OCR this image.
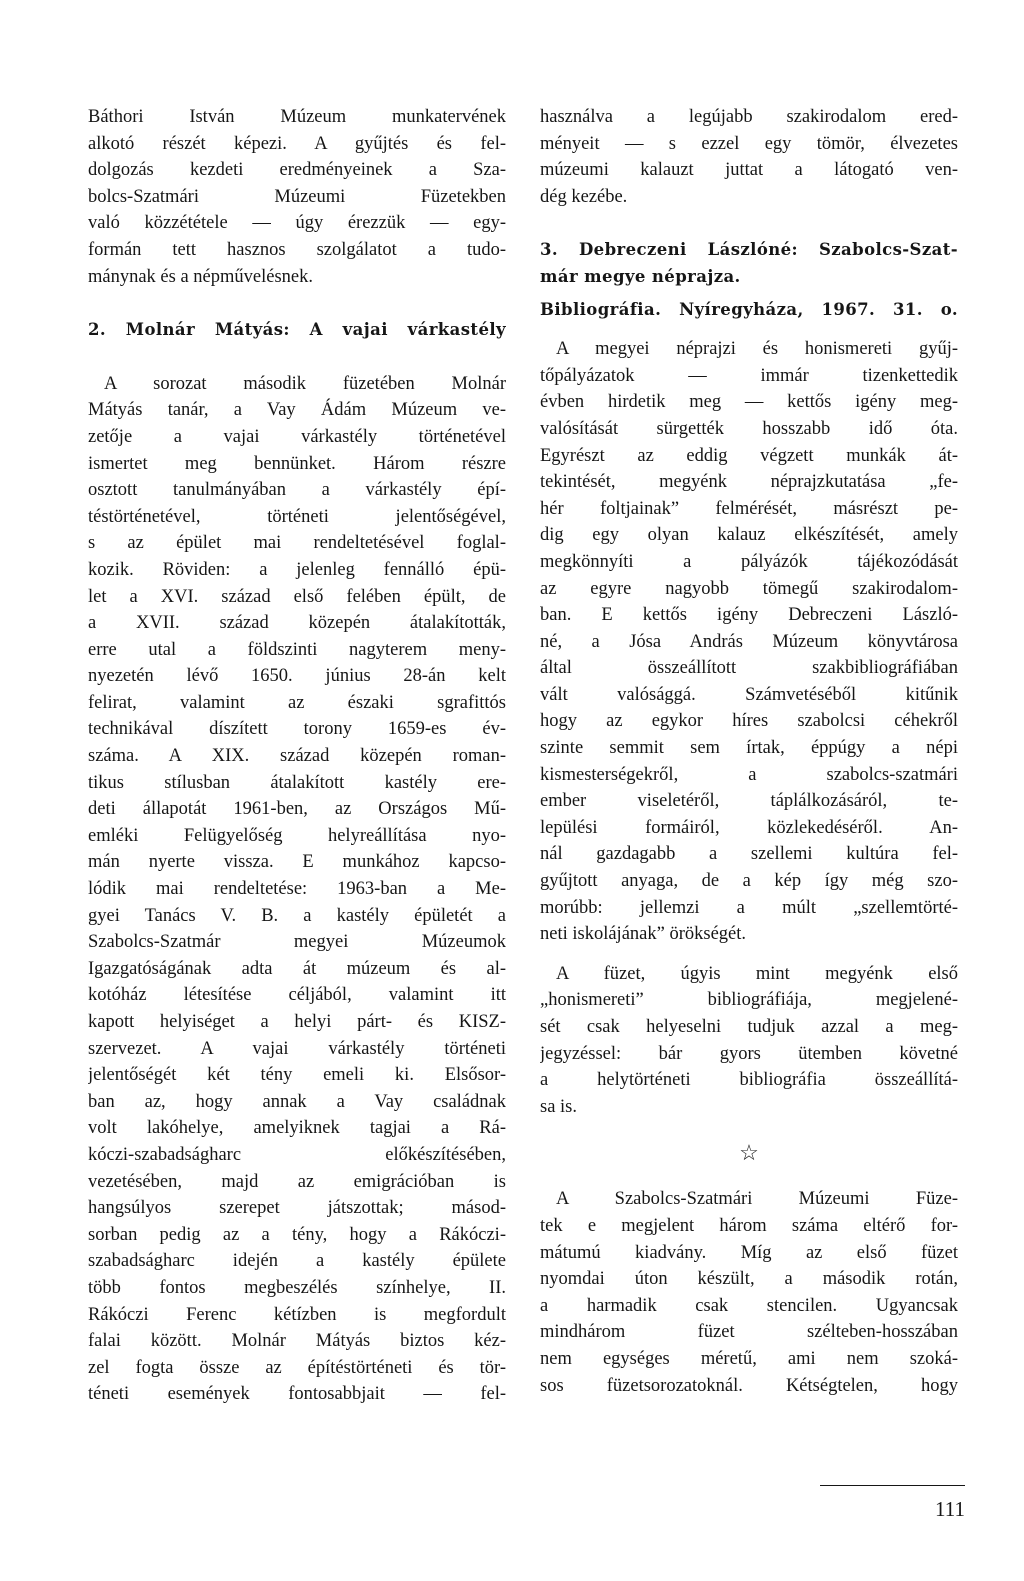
Báthori István Múzeum munkatervének
alkotó részét képezi. A gyűjtés és fel-
dolgozás kezdeti eredményeinek a Sza-
bolcs-Szatmári Múzeumi Füzetekben
való közzététele — úgy érezzük — egy-
formán tett hasznos szolgálatot a tudo-
mánynak és a népművelésnek.
2. Molnár Mátyás: A vajai várkastély
A sorozat második füzetében Molnár
Mátyás tanár, a Vay Ádám Múzeum ve-
zetője a vajai várkastély történetével
ismertet meg bennünket. Három részre
osztott tanulmányában a várkastély épí-
téstörténetével, történeti jelentőségével,
s az épület mai rendeltetésével foglal-
kozik. Röviden: a jelenleg fennálló épü-
let a XVI. század első felében épült, de
a XVII. század közepén átalakították,
erre utal a földszinti nagyterem meny-
nyezetén lévő 1650. június 28-án kelt
felirat, valamint az északi sgrafittós
technikával díszített torony 1659-es év-
száma. A XIX. század közepén roman-
tikus stílusban átalakított kastély ere-
deti állapotát 1961-ben, az Országos Mű-
emléki Felügyelőség helyreállítása nyo-
mán nyerte vissza. E munkához kapcso-
lódik mai rendeltetése: 1963-ban a Me-
gyei Tanács V. B. a kastély épületét a
Szabolcs-Szatmár megyei Múzeumok
Igazgatóságának adta át múzeum és al-
kotóház létesítése céljából, valamint itt
kapott helyiséget a helyi párt- és KISZ-
szervezet. A vajai várkastély történeti
jelentőségét két tény emeli ki. Elsősor-
ban az, hogy annak a Vay családnak
volt lakóhelye, amelyiknek tagjai a Rá-
kóczi-szabadságharc előkészítésében,
vezetésében, majd az emigrációban is
hangsúlyos szerepet játszottak; másod-
sorban pedig az a tény, hogy a Rákóczi-
szabadságharc idején a kastély épülete
több fontos megbeszélés színhelye, II.
Rákóczi Ferenc kétízben is megfordult
falai között. Molnár Mátyás biztos kéz-
zel fogta össze az építéstörténeti és tör-
téneti események fontosabbjait — fel-
használva a legújabb szakirodalom ered-
ményeit — s ezzel egy tömör, élvezetes
múzeumi kalauzt juttat a látogató ven-
dég kezébe.
3. Debreczeni Lászlóné: Szabolcs-Szat-
már megye néprajza.
Bibliográfia. Nyíregyháza, 1967. 31. o.
A megyei néprajzi és honismereti gyűj-
tőpályázatok — immár tizenkettedik
évben hirdetik meg — kettős igény meg-
valósítását sürgették hosszabb idő óta.
Egyrészt az eddig végzett munkák át-
tekintését, megyénk néprajzkutatása „fe-
hér foltjainak” felmérését, másrészt pe-
dig egy olyan kalauz elkészítését, amely
megkönnyíti a pályázók tájékozódását
az egyre nagyobb tömegű szakirodalom-
ban. E kettős igény Debreczeni László-
né, a Jósa András Múzeum könyvtárosa
által összeállított szakbibliográfiában
vált valósággá. Számvetéséből kitűnik
hogy az egykor híres szabolcsi céhekről
szinte semmit sem írtak, éppúgy a népi
kismesterségekről, a szabolcs-szatmári
ember viseletéről, táplálkozásáról, te-
lepülési formáiról, közlekedéséről. An-
nál gazdagabb a szellemi kultúra fel-
gyűjtott anyaga, de a kép így még szo-
morúbb: jellemzi a múlt „szellemtörté-
neti iskolájának” örökségét.
A füzet, úgyis mint megyénk első
„honismereti” bibliográfiája, megjelené-
sét csak helyeselni tudjuk azzal a meg-
jegyzéssel: bár gyors ütemben követné
a helytörténeti bibliográfia összeállítá-
sa is.
☆
A Szabolcs-Szatmári Múzeumi Füze-
tek e megjelent három száma eltérő for-
mátumú kiadvány. Míg az első füzet
nyomdai úton készült, a második rotán,
a harmadik csak stencilen. Ugyancsak
mindhárom füzet szélteben-hosszában
nem egységes méretű, ami nem szoká-
sos füzetsorozatoknál. Kétségtelen, hogy
111
